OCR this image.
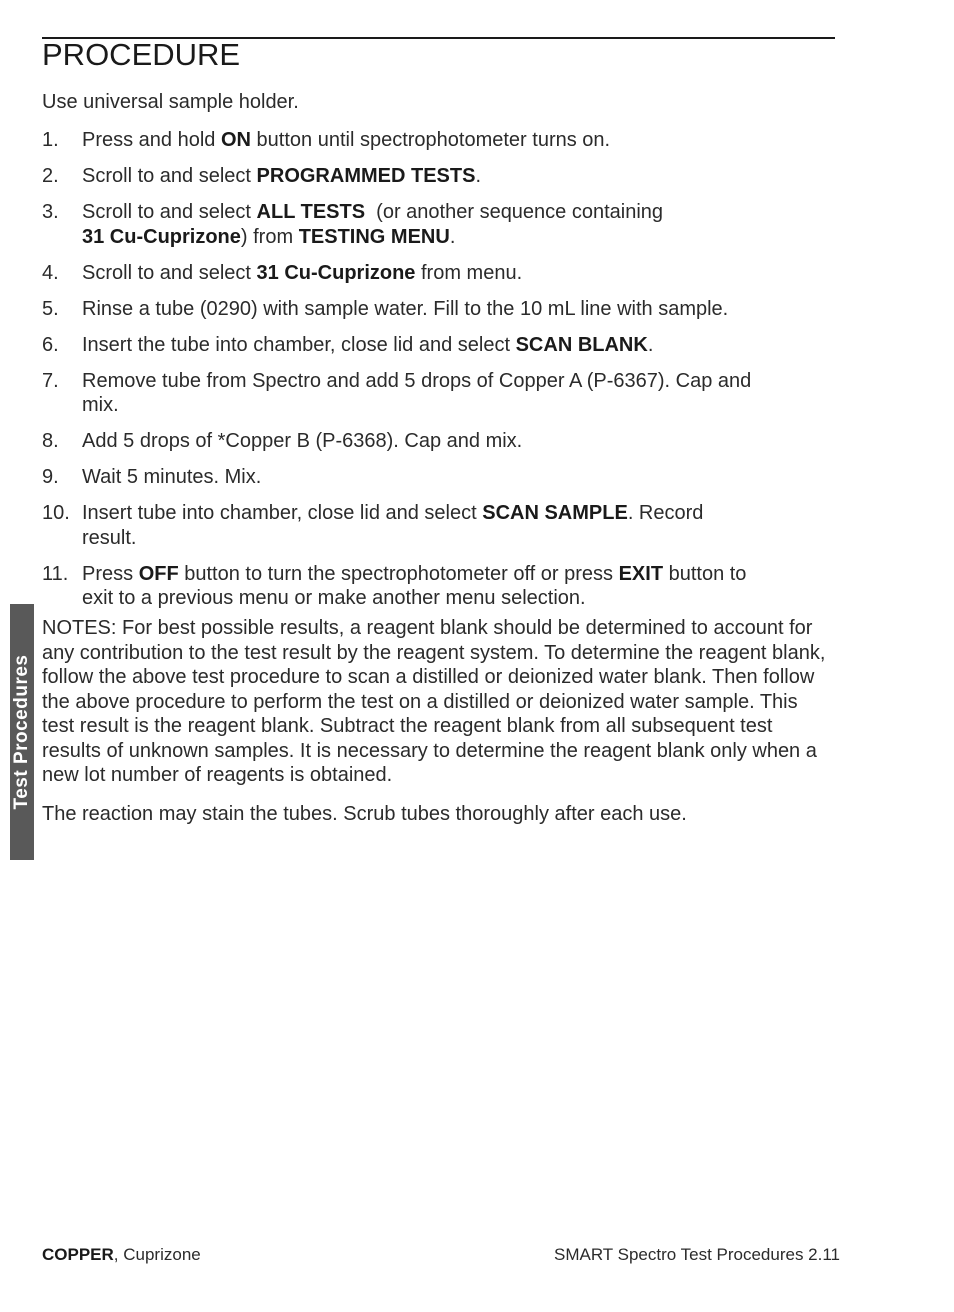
PROCEDURE
Use universal sample holder.
1. Press and hold ON button until spectrophotometer turns on.
2. Scroll to and select PROGRAMMED TESTS.
3. Scroll to and select ALL TESTS  (or another sequence containing
31 Cu-Cuprizone) from TESTING MENU.
4. Scroll to and select 31 Cu-Cuprizone from menu.
5. Rinse a tube (0290) with sample water. Fill to the 10 mL line with sample.
6. Insert the tube into chamber, close lid and select SCAN BLANK.
7. Remove tube from Spectro and add 5 drops of Copper A (P-6367). Cap and
mix.
8. Add 5 drops of *Copper B (P-6368). Cap and mix.
9. Wait 5 minutes. Mix.
10. Insert tube into chamber, close lid and select SCAN SAMPLE. Record
result.
11. Press OFF button to turn the spectrophotometer off or press EXIT button to
exit to a previous menu or make another menu selection.

NOTES: For best possible results, a reagent blank should be determined to account for any contribution to the test result by the reagent system. To determine the reagent blank, follow the above test procedure to scan a distilled or deionized water blank. Then follow the above procedure to perform the test on a distilled or deionized water sample. This test result is the reagent blank. Subtract the reagent blank from all subsequent test results of unknown samples. It is necessary to determine the reagent blank only when a new lot number of reagents is obtained.

The reaction may stain the tubes. Scrub tubes thoroughly after each use.

Test Procedures
COPPER, Cuprizone	SMART Spectro Test Procedures 2.11
